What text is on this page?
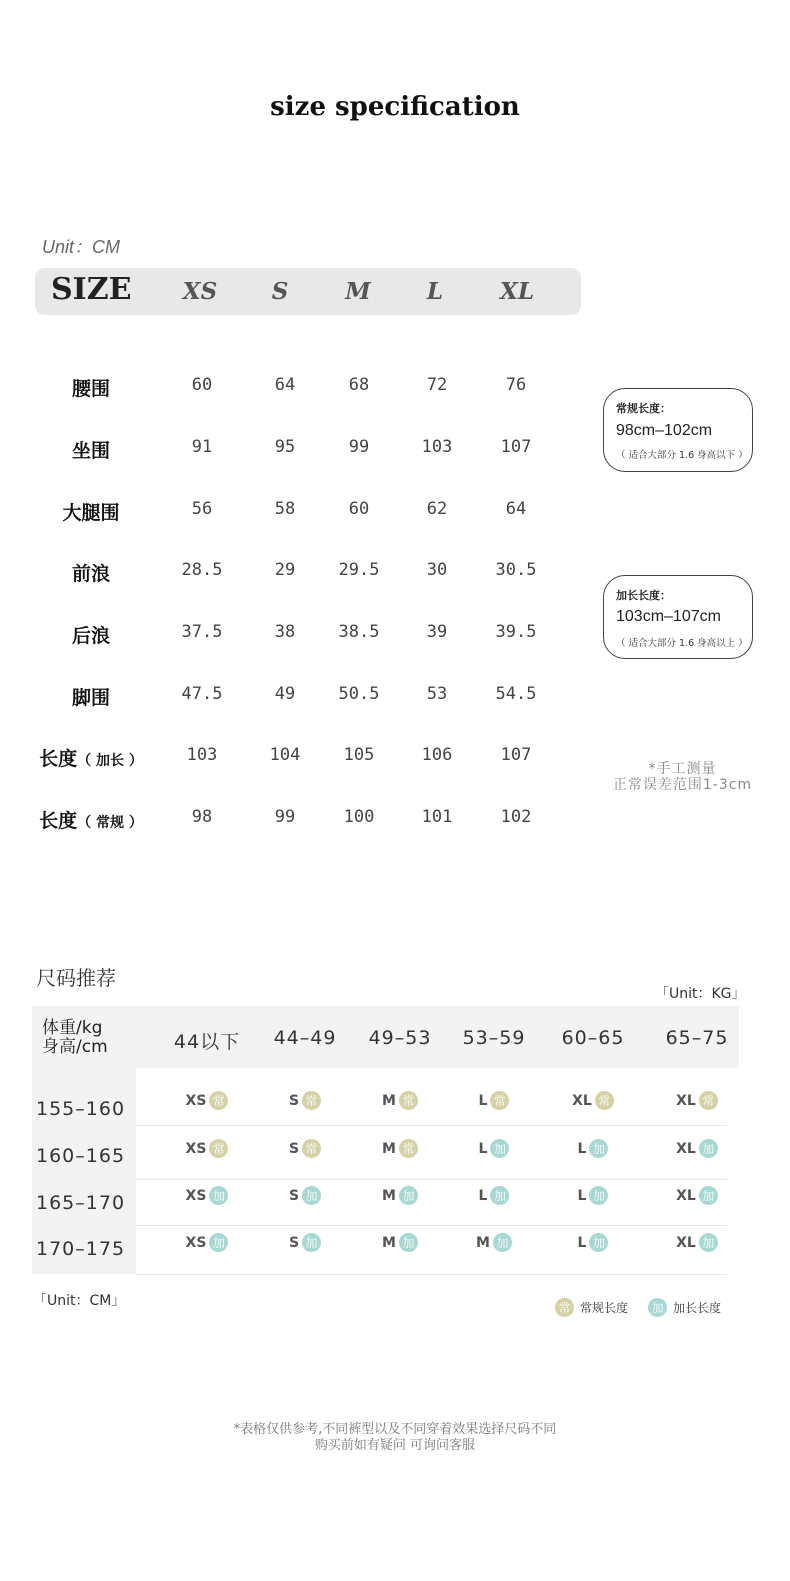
size specification
Unit：CM
SIZE	XS	S	M	L	XL
腰围	60	64	68	72	76
坐围	91	95	99	103	107
大腿围	56	58	60	62	64
前浪	28.5	29	29.5	30	30.5
后浪	37.5	38	38.5	39	39.5
脚围	47.5	49	50.5	53	54.5
长度（ 加长 ）	103	104	105	106	107
长度（ 常规 ）	98	99	100	101	102
常规长度：
98cm–102cm
（ 适合大部分 1.6 身高以下 ）
加长长度：
103cm–107cm
（ 适合大部分 1.6 身高以上 ）
*手工测量
正常误差范围1-3cm
尺码推荐
「Unit：KG」
体重/kg
身高/cm	44以下	44–49	49–53	53–59	60–65	65–75
155–160	XS 常	S 常	M 常	L 常	XL 常	XL 常
160–165	XS 常	S 常	M 常	L 加	L 加	XL 加
165–170	XS 加	S 加	M 加	L 加	L 加	XL 加
170–175	XS 加	S 加	M 加	M 加	L 加	XL 加
「Unit：CM」	常 常规长度 加 加长长度
*表格仅供参考,不同裤型以及不同穿着效果选择尺码不同
购买前如有疑问 可询问客服
